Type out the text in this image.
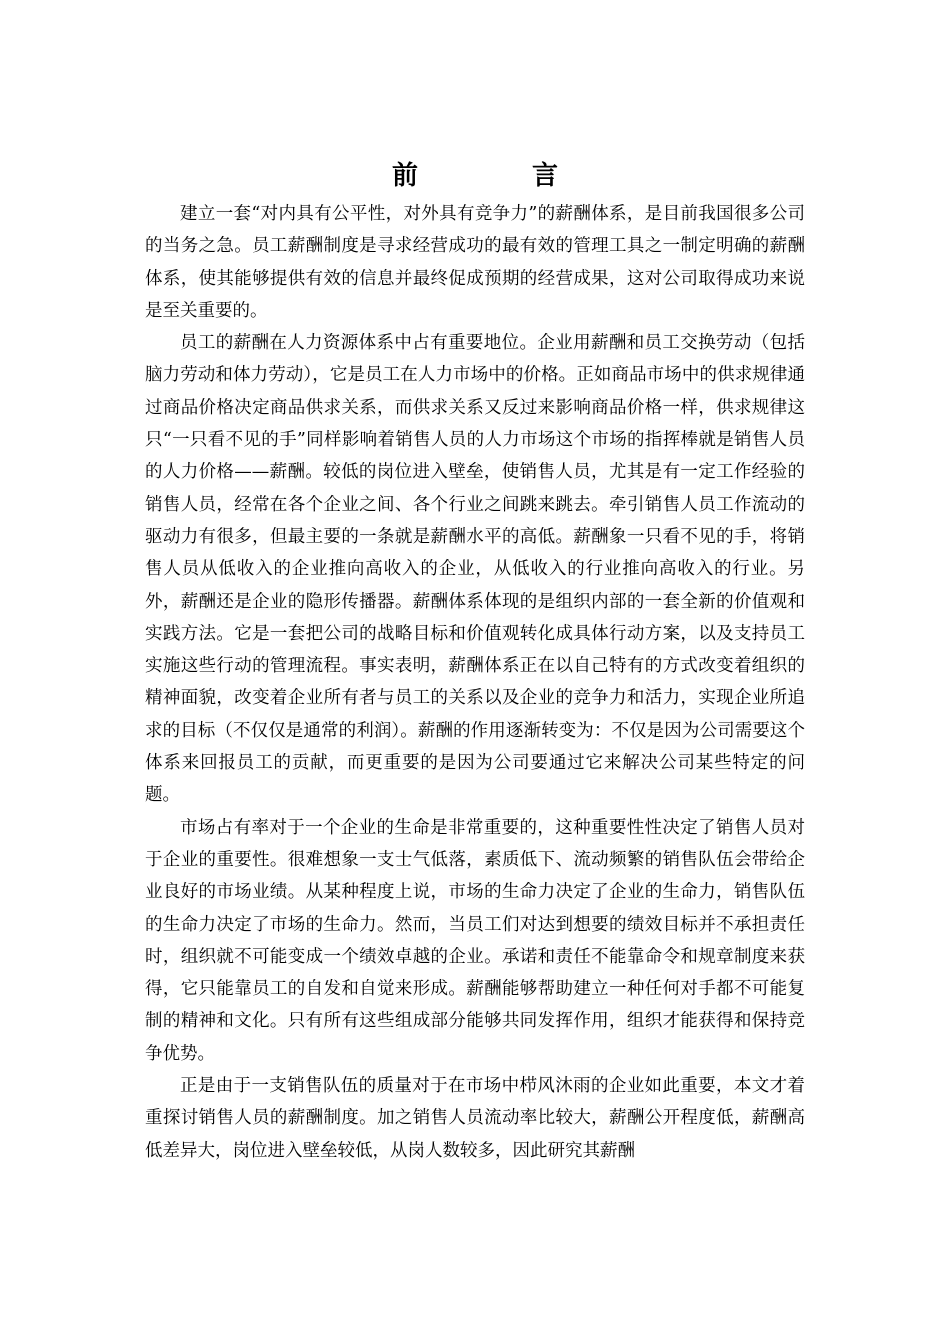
前　言

建立一套“对内具有公平性，对外具有竞争力”的薪酬体系，是目前我国很多公司的当务之急。员工薪酬制度是寻求经营成功的最有效的管理工具之一制定明确的薪酬体系，使其能够提供有效的信息并最终促成预期的经营成果，这对公司取得成功来说是至关重要的。

员工的薪酬在人力资源体系中占有重要地位。企业用薪酬和员工交换劳动（包括脑力劳动和体力劳动），它是员工在人力市场中的价格。正如商品市场中的供求规律通过商品价格决定商品供求关系，而供求关系又反过来影响商品价格一样，供求规律这只“一只看不见的手”同样影响着销售人员的人力市场这个市场的指挥棒就是销售人员的人力价格——薪酬。较低的岗位进入壁垒，使销售人员，尤其是有一定工作经验的销售人员，经常在各个企业之间、各个行业之间跳来跳去。牵引销售人员工作流动的驱动力有很多，但最主要的一条就是薪酬水平的高低。薪酬象一只看不见的手，将销售人员从低收入的企业推向高收入的企业，从低收入的行业推向高收入的行业。另外，薪酬还是企业的隐形传播器。薪酬体系体现的是组织内部的一套全新的价值观和实践方法。它是一套把公司的战略目标和价值观转化成具体行动方案，以及支持员工实施这些行动的管理流程。事实表明，薪酬体系正在以自己特有的方式改变着组织的精神面貌，改变着企业所有者与员工的关系以及企业的竞争力和活力，实现企业所追求的目标（不仅仅是通常的利润）。薪酬的作用逐渐转变为：不仅是因为公司需要这个体系来回报员工的贡献，而更重要的是因为公司要通过它来解决公司某些特定的问题。

市场占有率对于一个企业的生命是非常重要的，这种重要性性决定了销售人员对于企业的重要性。很难想象一支士气低落，素质低下、流动频繁的销售队伍会带给企业良好的市场业绩。从某种程度上说，市场的生命力决定了企业的生命力，销售队伍的生命力决定了市场的生命力。然而，当员工们对达到想要的绩效目标并不承担责任时，组织就不可能变成一个绩效卓越的企业。承诺和责任不能靠命令和规章制度来获得，它只能靠员工的自发和自觉来形成。薪酬能够帮助建立一种任何对手都不可能复制的精神和文化。只有所有这些组成部分能够共同发挥作用，组织才能获得和保持竞争优势。

正是由于一支销售队伍的质量对于在市场中栉风沐雨的企业如此重要，本文才着重探讨销售人员的薪酬制度。加之销售人员流动率比较大，薪酬公开程度低，薪酬高低差异大，岗位进入壁垒较低，从岗人数较多，因此研究其薪酬
